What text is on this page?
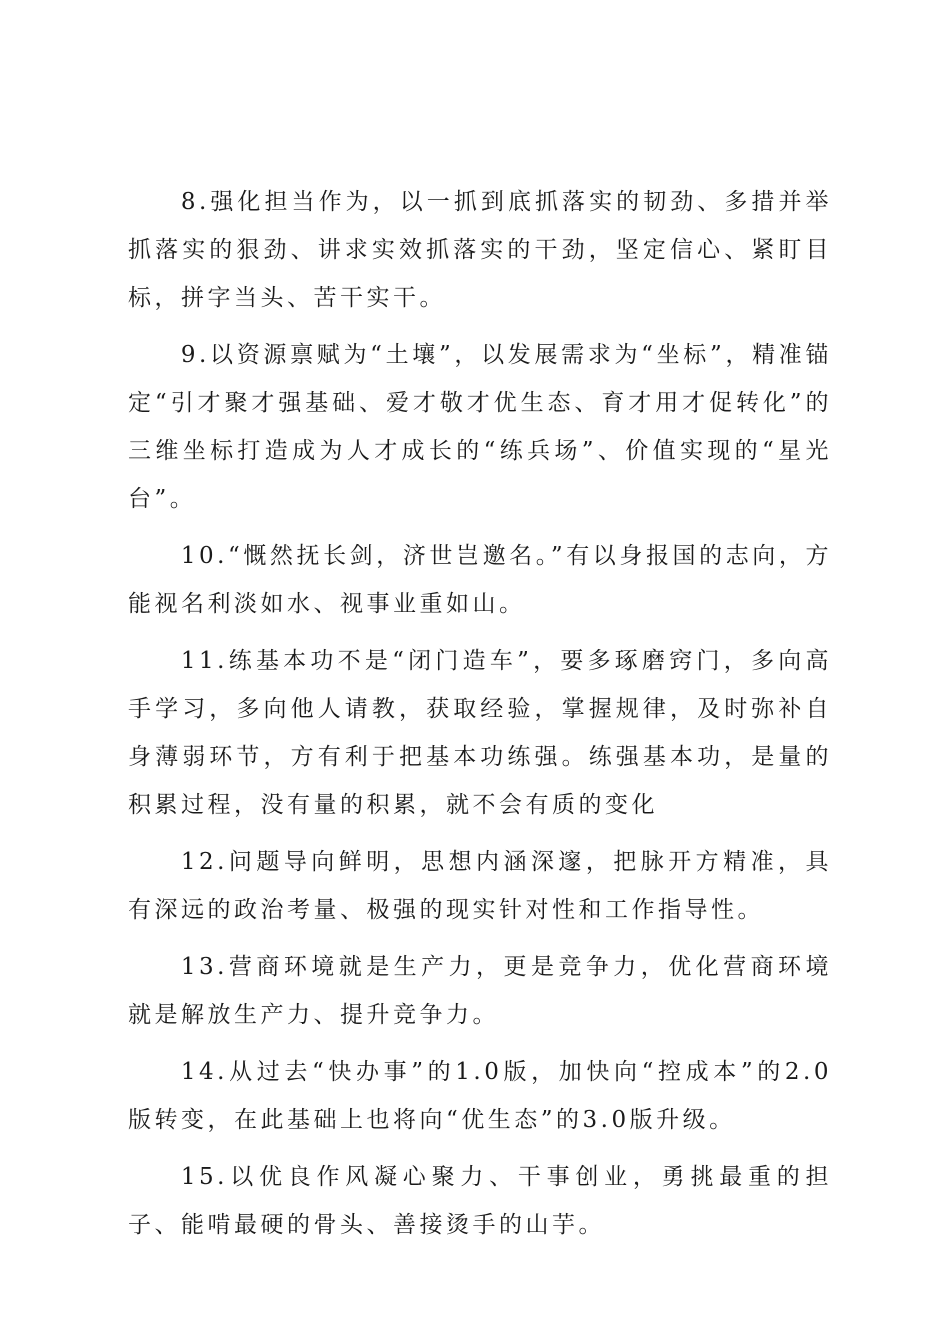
8.强化担当作为，以一抓到底抓落实的韧劲、多措并举抓落实的狠劲、讲求实效抓落实的干劲，坚定信心、紧盯目标，拼字当头、苦干实干。

9.以资源禀赋为“土壤”，以发展需求为“坐标”，精准锚定“引才聚才强基础、爱才敬才优生态、育才用才促转化”的三维坐标打造成为人才成长的“练兵场”、价值实现的“星光台”。

10.“慨然抚长剑，济世岂邀名。”有以身报国的志向，方能视名利淡如水、视事业重如山。

11.练基本功不是“闭门造车”，要多琢磨窍门，多向高手学习，多向他人请教，获取经验，掌握规律，及时弥补自身薄弱环节，方有利于把基本功练强。练强基本功，是量的积累过程，没有量的积累，就不会有质的变化

12.问题导向鲜明，思想内涵深邃，把脉开方精准，具有深远的政治考量、极强的现实针对性和工作指导性。

13.营商环境就是生产力，更是竞争力，优化营商环境就是解放生产力、提升竞争力。

14.从过去“快办事”的1.0版，加快向“控成本”的2.0版转变，在此基础上也将向“优生态”的3.0版升级。

15.以优良作风凝心聚力、干事创业，勇挑最重的担子、能啃最硬的骨头、善接烫手的山芋。
